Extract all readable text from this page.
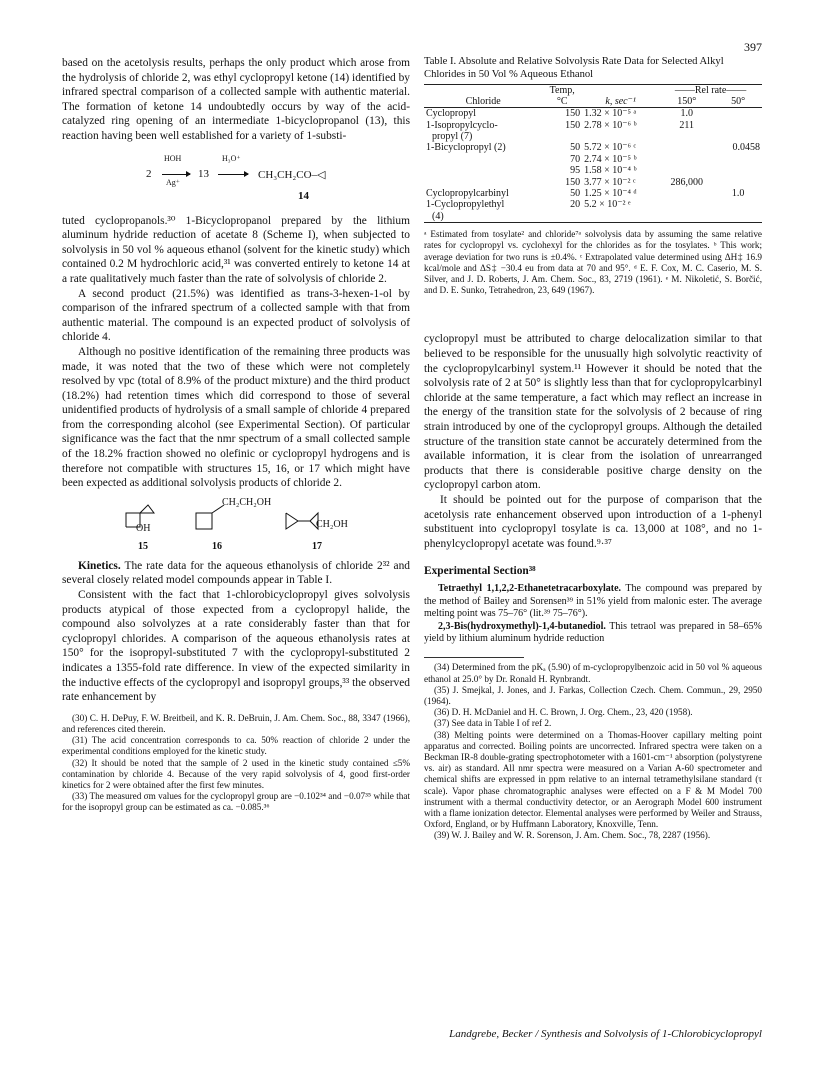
397

based on the acetolysis results, perhaps the only product which arose from the hydrolysis of chloride 2, was ethyl cyclopropyl ketone (14) identified by infrared spectral comparison of a collected sample with authentic material. The formation of ketone 14 undoubtedly occurs by way of the acid-catalyzed ring opening of an intermediate 1-bicyclopropanol (13), this reaction having been well established for a variety of 1-substi-

2
HOH
Ag⁺
13
H₃O⁺
→ CH₃CH₂CO–◁
14

tuted cyclopropanols.³⁰ 1-Bicyclopropanol prepared by the lithium aluminum hydride reduction of acetate 8 (Scheme I), when subjected to solvolysis in 50 vol % aqueous ethanol (solvent for the kinetic study) which contained 0.2 M hydrochloric acid,³¹ was converted entirely to ketone 14 at a rate qualitatively much faster than the rate of solvolysis of chloride 2.

A second product (21.5%) was identified as trans-3-hexen-1-ol by comparison of the infrared spectrum of a collected sample with that from authentic material. The compound is an expected product of solvolysis of chloride 4.

Although no positive identification of the remaining three products was made, it was noted that the two of these which were not completely resolved by vpc (total of 8.9% of the product mixture) and the third product (18.2%) had retention times which did correspond to those of several unidentified products of hydrolysis of a small sample of chloride 4 prepared from the corresponding alcohol (see Experimental Section). Of particular significance was the fact that the nmr spectrum of a small collected sample of the 18.2% fraction showed no olefinic or cyclopropyl hydrogens and is therefore not compatible with structures 15, 16, or 17 which might have been expected as additional solvolysis products of chloride 2.

OH
15
CH₂CH₂OH
16
CH₂OH
17

Kinetics. The rate data for the aqueous ethanolysis of chloride 2³² and several closely related model compounds appear in Table I.

Consistent with the fact that 1-chlorobicyclopropyl gives solvolysis products atypical of those expected from a cyclopropyl halide, the compound also solvolyzes at a rate considerably faster than that for cyclopropyl chlorides. A comparison of the aqueous ethanolysis rates at 150° for the isopropyl-substituted 7 with the cyclopropyl-substituted 2 indicates a 1355-fold rate difference. In view of the expected similarity in the inductive effects of the cyclopropyl and isopropyl groups,³³ the observed rate enhancement by

(30) C. H. DePuy, F. W. Breitbeil, and K. R. DeBruin, J. Am. Chem. Soc., 88, 3347 (1966), and references cited therein.

(31) The acid concentration corresponds to ca. 50% reaction of chloride 2 under the experimental conditions employed for the kinetic study.

(32) It should be noted that the sample of 2 used in the kinetic study contained ≤5% contamination by chloride 4. Because of the very rapid solvolysis of 4, good first-order kinetics for 2 were obtained after the first few minutes.

(33) The measured σm values for the cyclopropyl group are −0.102³⁴ and −0.07³⁵ while that for the isopropyl group can be estimated as ca. −0.085.³⁶

Table I. Absolute and Relative Solvolysis Rate Data for Selected Alkyl Chlorides in 50 Vol % Aqueous Ethanol

	Temp,		——Rel rate——	
Chloride	°C	k, sec⁻¹	150°	50°
Cyclopropyl	150	1.32 × 10⁻⁵ ᵃ	1.0	
1-Isopropylcyclo-	150	2.78 × 10⁻⁶ ᵇ	211	
propyl (7)				
1-Bicyclopropyl (2)	50	5.72 × 10⁻⁶ ᶜ		0.0458
	70	2.74 × 10⁻⁵ ᵇ		
	95	1.58 × 10⁻⁴ ᵇ		
	150	3.77 × 10⁻² ᶜ	286,000	
Cyclopropylcarbinyl	50	1.25 × 10⁻⁴ ᵈ		1.0
1-Cyclopropylethyl	20	5.2 × 10⁻² ᵉ		
(4)				

ᵃ Estimated from tosylate² and chloride⁷ᵃ solvolysis data by assuming the same relative rates for cyclopropyl vs. cyclohexyl for the chlorides as for the tosylates. ᵇ This work; average deviation for two runs is ±0.4%. ᶜ Extrapolated value determined using ΔH‡ 16.9 kcal/mole and ΔS‡ −30.4 eu from data at 70 and 95°. ᵈ E. F. Cox, M. C. Caserio, M. S. Silver, and J. D. Roberts, J. Am. Chem. Soc., 83, 2719 (1961). ᵉ M. Nikoletić, S. Borčić, and D. E. Sunko, Tetrahedron, 23, 649 (1967).

cyclopropyl must be attributed to charge delocalization similar to that believed to be responsible for the unusually high solvolytic reactivity of the cyclopropylcarbinyl system.¹¹ However it should be noted that the solvolysis rate of 2 at 50° is slightly less than that for cyclopropylcarbinyl chloride at the same temperature, a fact which may reflect an increase in the energy of the transition state for the solvolysis of 2 because of ring strain introduced by one of the cyclopropyl groups. Although the detailed structure of the transition state cannot be accurately determined from the available information, it is clear from the isolation of unrearranged products that there is considerable positive charge density on the cyclopropyl carbon atom.

It should be pointed out for the purpose of comparison that the acetolysis rate enhancement observed upon introduction of a 1-phenyl substituent into cyclopropyl tosylate is ca. 13,000 at 108°, and no 1-phenylcyclopropyl acetate was found.⁹·³⁷

Experimental Section³⁸

Tetraethyl 1,1,2,2-Ethanetetracarboxylate. The compound was prepared by the method of Bailey and Sorensen³⁹ in 51% yield from malonic ester. The average melting point was 75–76° (lit.³⁹ 75–76°).

2,3-Bis(hydroxymethyl)-1,4-butanediol. This tetraol was prepared in 58–65% yield by lithium aluminum hydride reduction

(34) Determined from the pKₐ (5.90) of m-cyclopropylbenzoic acid in 50 vol % aqueous ethanol at 25.0° by Dr. Ronald H. Rynbrandt.

(35) J. Smejkal, J. Jones, and J. Farkas, Collection Czech. Chem. Commun., 29, 2950 (1964).

(36) D. H. McDaniel and H. C. Brown, J. Org. Chem., 23, 420 (1958).

(37) See data in Table I of ref 2.

(38) Melting points were determined on a Thomas-Hoover capillary melting point apparatus and corrected. Boiling points are uncorrected. Infrared spectra were taken on a Beckman IR-8 double-grating spectrophotometer with a 1601-cm⁻¹ absorption (polystyrene vs. air) as standard. All nmr spectra were measured on a Varian A-60 spectrometer and chemical shifts are expressed in ppm relative to an internal tetramethylsilane standard (τ scale). Vapor phase chromatographic analyses were effected on a F & M Model 700 instrument with a thermal conductivity detector, or an Aerograph Model 600 instrument with a flame ionization detector. Elemental analyses were performed by Weiler and Strauss, Oxford, England, or by Huffmann Laboratory, Knoxville, Tenn.

(39) W. J. Bailey and W. R. Sorenson, J. Am. Chem. Soc., 78, 2287 (1956).

Landgrebe, Becker / Synthesis and Solvolysis of 1-Chlorobicyclopropyl
